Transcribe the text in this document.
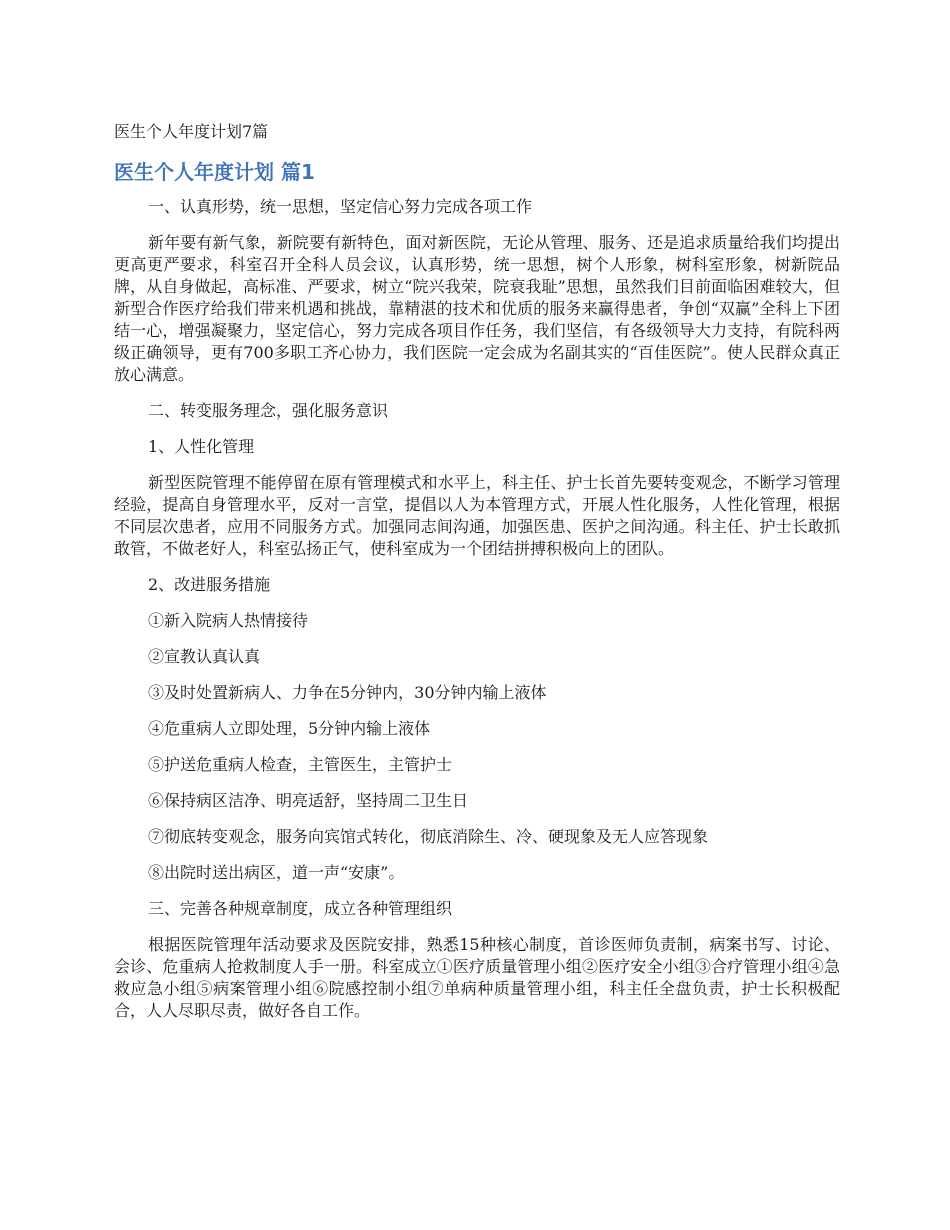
医生个人年度计划7篇
医生个人年度计划 篇1

一、认真形势，统一思想，坚定信心努力完成各项工作

新年要有新气象，新院要有新特色，面对新医院，无论从管理、服务、还是追求质量给我们均提出更高更严要求，科室召开全科人员会议，认真形势，统一思想，树个人形象，树科室形象，树新院品牌，从自身做起，高标准、严要求，树立“院兴我荣，院衰我耻”思想，虽然我们目前面临困难较大，但新型合作医疗给我们带来机遇和挑战，靠精湛的技术和优质的服务来赢得患者，争创“双赢”全科上下团结一心，增强凝聚力，坚定信心，努力完成各项目作任务，我们坚信，有各级领导大力支持，有院科两级正确领导，更有700多职工齐心协力，我们医院一定会成为名副其实的“百佳医院”。使人民群众真正放心满意。

二、转变服务理念，强化服务意识

1、人性化管理

新型医院管理不能停留在原有管理模式和水平上，科主任、护士长首先要转变观念，不断学习管理经验，提高自身管理水平，反对一言堂，提倡以人为本管理方式，开展人性化服务，人性化管理，根据不同层次患者，应用不同服务方式。加强同志间沟通，加强医患、医护之间沟通。科主任、护士长敢抓敢管，不做老好人，科室弘扬正气，使科室成为一个团结拼搏积极向上的团队。

2、改进服务措施

①新入院病人热情接待

②宣教认真认真

③及时处置新病人、力争在5分钟内，30分钟内输上液体

④危重病人立即处理，5分钟内输上液体

⑤护送危重病人检查，主管医生，主管护士

⑥保持病区洁净、明亮适舒，坚持周二卫生日

⑦彻底转变观念，服务向宾馆式转化，彻底消除生、冷、硬现象及无人应答现象

⑧出院时送出病区，道一声“安康”。

三、完善各种规章制度，成立各种管理组织

根据医院管理年活动要求及医院安排，熟悉15种核心制度，首诊医师负责制，病案书写、讨论、会诊、危重病人抢救制度人手一册。科室成立①医疗质量管理小组②医疗安全小组③合疗管理小组④急救应急小组⑤病案管理小组⑥院感控制小组⑦单病种质量管理小组，科主任全盘负责，护士长积极配合，人人尽职尽责，做好各自工作。
